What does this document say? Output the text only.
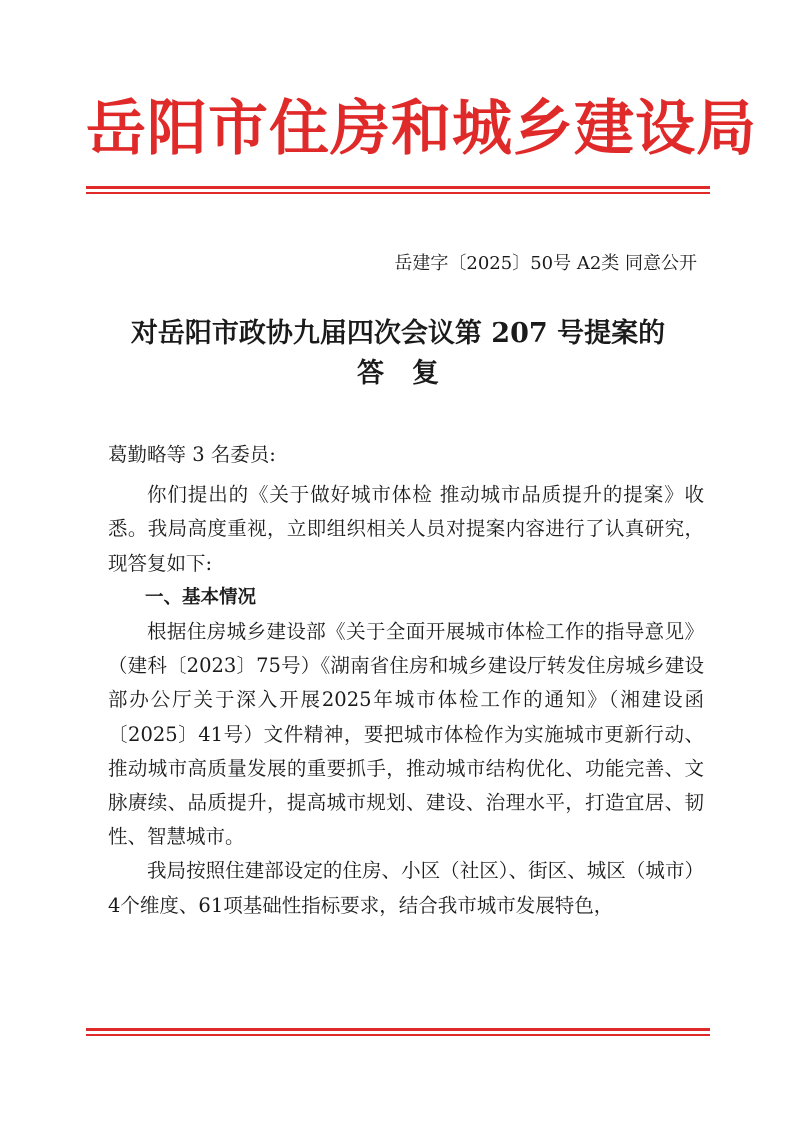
岳阳市住房和城乡建设局
岳建字〔2025〕50号 A2类 同意公开
对岳阳市政协九届四次会议第 207 号提案的
答复

葛勤略等 3 名委员:

你们提出的《关于做好城市体检 推动城市品质提升的提案》收悉。我局高度重视，立即组织相关人员对提案内容进行了认真研究，现答复如下:

一、基本情况

根据住房城乡建设部《关于全面开展城市体检工作的指导意见》（建科〔2023〕75号）《湖南省住房和城乡建设厅转发住房城乡建设部办公厅关于深入开展2025年城市体检工作的通知》（湘建设函〔2025〕41号）文件精神，要把城市体检作为实施城市更新行动、推动城市高质量发展的重要抓手，推动城市结构优化、功能完善、文脉赓续、品质提升，提高城市规划、建设、治理水平，打造宜居、韧性、智慧城市。

我局按照住建部设定的住房、小区（社区）、街区、城区（城市）4个维度、61项基础性指标要求，结合我市城市发展特色，
